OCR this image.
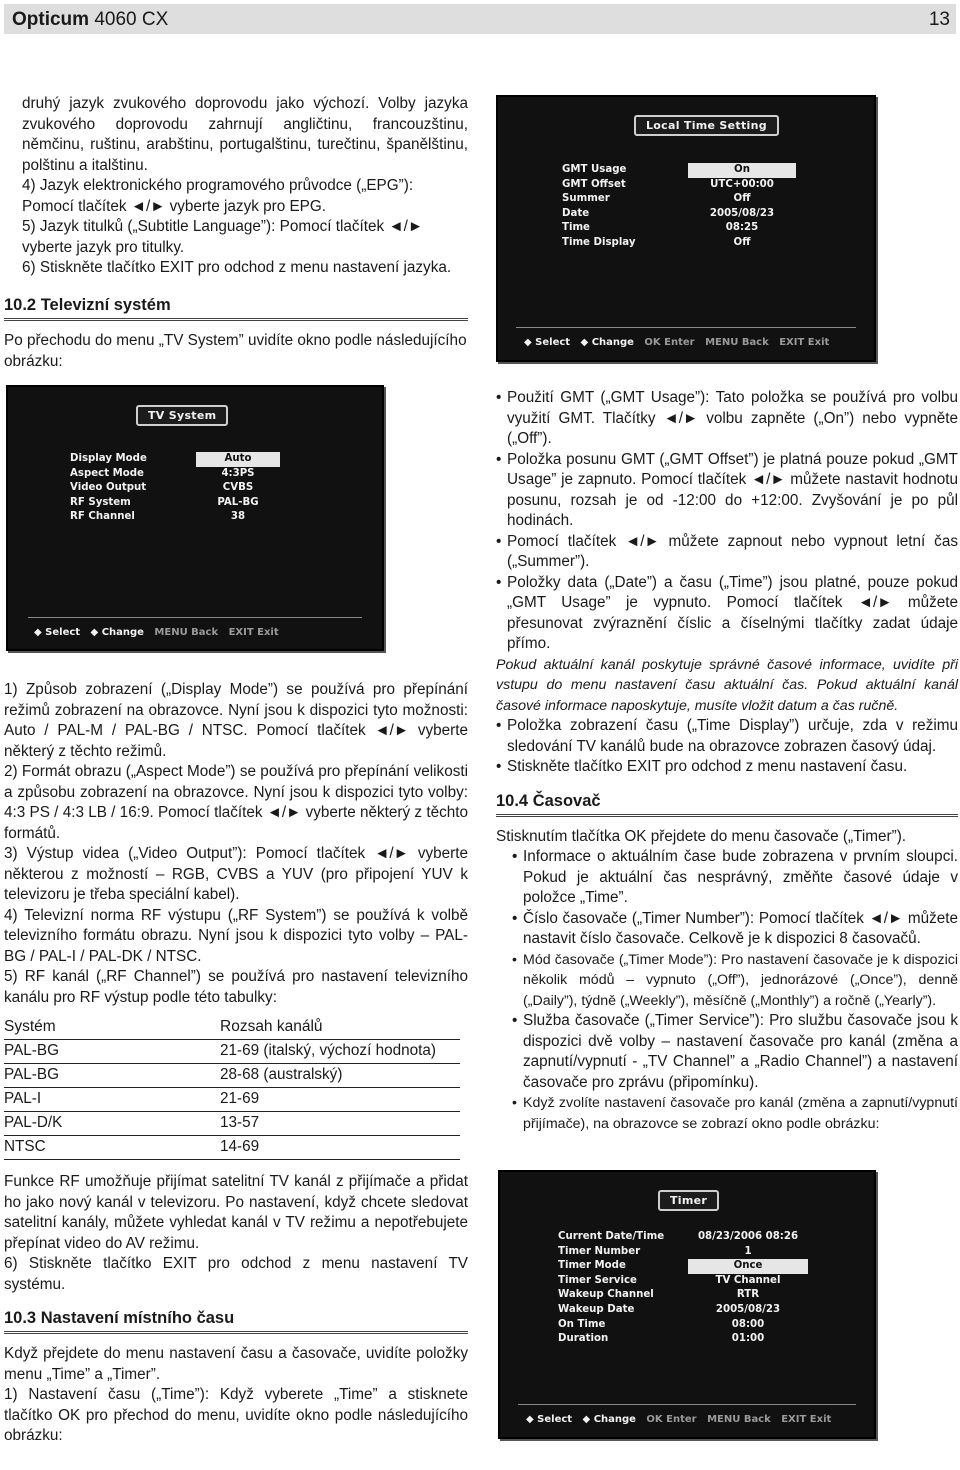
Opticum 4060 CX	13

druhý jazyk zvukového doprovodu jako výchozí. Volby jazyka zvukového doprovodu zahrnují angličtinu, francouzštinu, němčinu, ruštinu, arabštinu, portugalštinu, turečtinu, španělštinu, polštinu a italštinu.

4) Jazyk elektronického programového průvodce („EPG”): Pomocí tlačítek ◄/► vyberte jazyk pro EPG.

5) Jazyk titulků („Subtitle Language”): Pomocí tlačítek ◄/► vyberte jazyk pro titulky.

6) Stiskněte tlačítko EXIT pro odchod z menu nastavení jazyka.

10.2 Televizní systém

Po přechodu do menu „TV System” uvidíte okno podle následujícího obrázku:

TV System
Display Mode	Auto
Aspect Mode	4:3PS
Video Output	CVBS
RF System	PAL-BG
RF Channel	38
◆ Select ◆ Change MENU Back EXIT Exit

1) Způsob zobrazení („Display Mode”) se používá pro přepínání režimů zobrazení na obrazovce. Nyní jsou k dispozici tyto možnosti: Auto / PAL-M / PAL-BG / NTSC. Pomocí tlačítek ◄/► vyberte některý z těchto režimů.

2) Formát obrazu („Aspect Mode”) se používá pro přepínání velikosti a způsobu zobrazení na obrazovce. Nyní jsou k dispozici tyto volby: 4:3 PS / 4:3 LB / 16:9. Pomocí tlačítek ◄/► vyberte některý z těchto formátů.

3) Výstup videa („Video Output”): Pomocí tlačítek ◄/► vyberte některou z možností – RGB, CVBS a YUV (pro připojení YUV k televizoru je třeba speciální kabel).

4) Televizní norma RF výstupu („RF System”) se používá k volbě televizního formátu obrazu. Nyní jsou k dispozici tyto volby – PAL-BG / PAL-I / PAL-DK / NTSC.

5) RF kanál („RF Channel”) se používá pro nastavení televizního kanálu pro RF výstup podle této tabulky:

Systém	Rozsah kanálů
PAL-BG	21-69 (italský, výchozí hodnota)
PAL-BG	28-68 (australský)
PAL-I	21-69
PAL-D/K	13-57
NTSC	14-69

Funkce RF umožňuje přijímat satelitní TV kanál z přijímače a přidat ho jako nový kanál v televizoru. Po nastavení, když chcete sledovat satelitní kanály, můžete vyhledat kanál v TV režimu a nepotřebujete přepínat video do AV režimu.

6) Stiskněte tlačítko EXIT pro odchod z menu nastavení TV systému.

10.3 Nastavení místního času

Když přejdete do menu nastavení času a časovače, uvidíte položky menu „Time” a „Timer”.

1) Nastavení času („Time”): Když vyberete „Time” a stisknete tlačítko OK pro přechod do menu, uvidíte okno podle následujícího obrázku:

Local Time Setting
GMT Usage	On
GMT Offset	UTC+00:00
Summer	Off
Date	2005/08/23
Time	08:25
Time Display	Off
◆ Select ◆ Change OK Enter MENU Back EXIT Exit

• Použití GMT („GMT Usage”): Tato položka se používá pro volbu využití GMT. Tlačítky ◄/► volbu zapněte („On”) nebo vypněte („Off”).

• Položka posunu GMT („GMT Offset”) je platná pouze pokud „GMT Usage” je zapnuto. Pomocí tlačítek ◄/► můžete nastavit hodnotu posunu, rozsah je od -12:00 do +12:00. Zvyšování je po půl hodinách.

• Pomocí tlačítek ◄/► můžete zapnout nebo vypnout letní čas („Summer”).

• Položky data („Date”) a času („Time”) jsou platné, pouze pokud „GMT Usage” je vypnuto. Pomocí tlačítek ◄/► můžete přesunovat zvýraznění číslic a číselnými tlačítky zadat údaje přímo.

Pokud aktuální kanál poskytuje správné časové informace, uvidíte při vstupu do menu nastavení času aktuální čas. Pokud aktuální kanál časové informace naposkytuje, musíte vložit datum a čas ručně.

• Položka zobrazení času („Time Display”) určuje, zda v režimu sledování TV kanálů bude na obrazovce zobrazen časový údaj.

• Stiskněte tlačítko EXIT pro odchod z menu nastavení času.

10.4 Časovač

Stisknutím tlačítka OK přejdete do menu časovače („Timer”).

• Informace o aktuálním čase bude zobrazena v prvním sloupci. Pokud je aktuální čas nesprávný, změňte časové údaje v položce „Time”.

• Číslo časovače („Timer Number”): Pomocí tlačítek ◄/► můžete nastavit číslo časovače. Celkově je k dispozici 8 časovačů.

• Mód časovače („Timer Mode”): Pro nastavení časovače je k dispozici několik módů – vypnuto („Off”), jednorázové („Once”), denně („Daily”), týdně („Weekly”), měsíčně („Monthly”) a ročně („Yearly”).

• Služba časovače („Timer Service”): Pro službu časovače jsou k dispozici dvě volby – nastavení časovače pro kanál (změna a zapnutí/vypnutí - „TV Channel” a „Radio Channel”) a nastavení časovače pro zprávu (připomínku).

• Když zvolíte nastavení časovače pro kanál (změna a zapnutí/vypnutí přijímače), na obrazovce se zobrazí okno podle obrázku:

Timer
Current Date/Time	08/23/2006 08:26
Timer Number	1
Timer Mode	Once
Timer Service	TV Channel
Wakeup Channel	RTR
Wakeup Date	2005/08/23
On Time	08:00
Duration	01:00
◆ Select ◆ Change OK Enter MENU Back EXIT Exit
